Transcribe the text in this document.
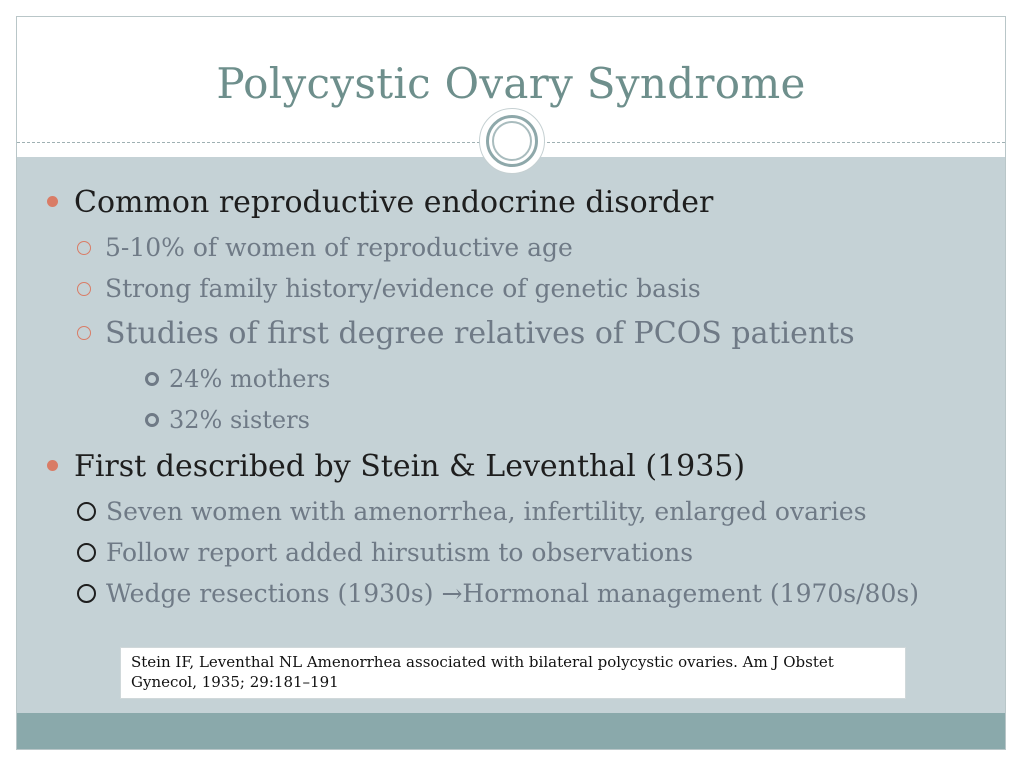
Polycystic Ovary Syndrome
Common reproductive endocrine disorder
5-10% of women of reproductive age
Strong family history/evidence of genetic basis
Studies of first degree relatives of PCOS patients
24% mothers
32% sisters
First described by Stein & Leventhal (1935)
Seven women with amenorrhea, infertility, enlarged ovaries
Follow report added hirsutism to observations
Wedge resections (1930s) →Hormonal management (1970s/80s)
Stein IF, Leventhal NL Amenorrhea associated with bilateral polycystic ovaries. Am J Obstet Gynecol, 1935; 29:181–191
